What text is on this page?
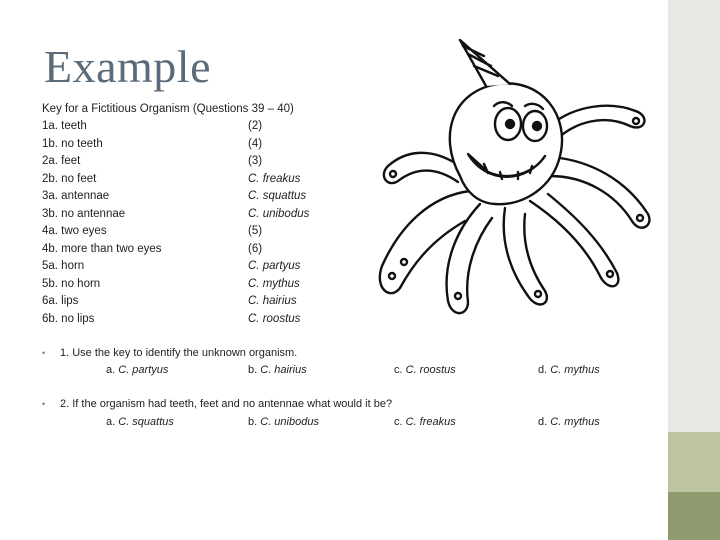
Example
Key for a Fictitious Organism (Questions 39 – 40)
1a. teeth	(2)
1b. no teeth	(4)
2a. feet	(3)
2b. no feet	C. freakus
3a. antennae	C. squattus
3b. no antennae	C. unibodus
4a. two eyes	(5)
4b. more than two eyes	(6)
5a. horn	C. partyus
5b. no horn	C. mythus
6a. lips	C. hairius
6b. no lips	C. roostus
• 1. Use the key to identify the unknown organism.
a. C. partyus	b. C. hairius	c. C. roostus	d. C. mythus
• 2. If the organism had teeth, feet and no antennae what would it be?
a. C. squattus	b. C. unibodus	c. C. freakus	d. C. mythus
